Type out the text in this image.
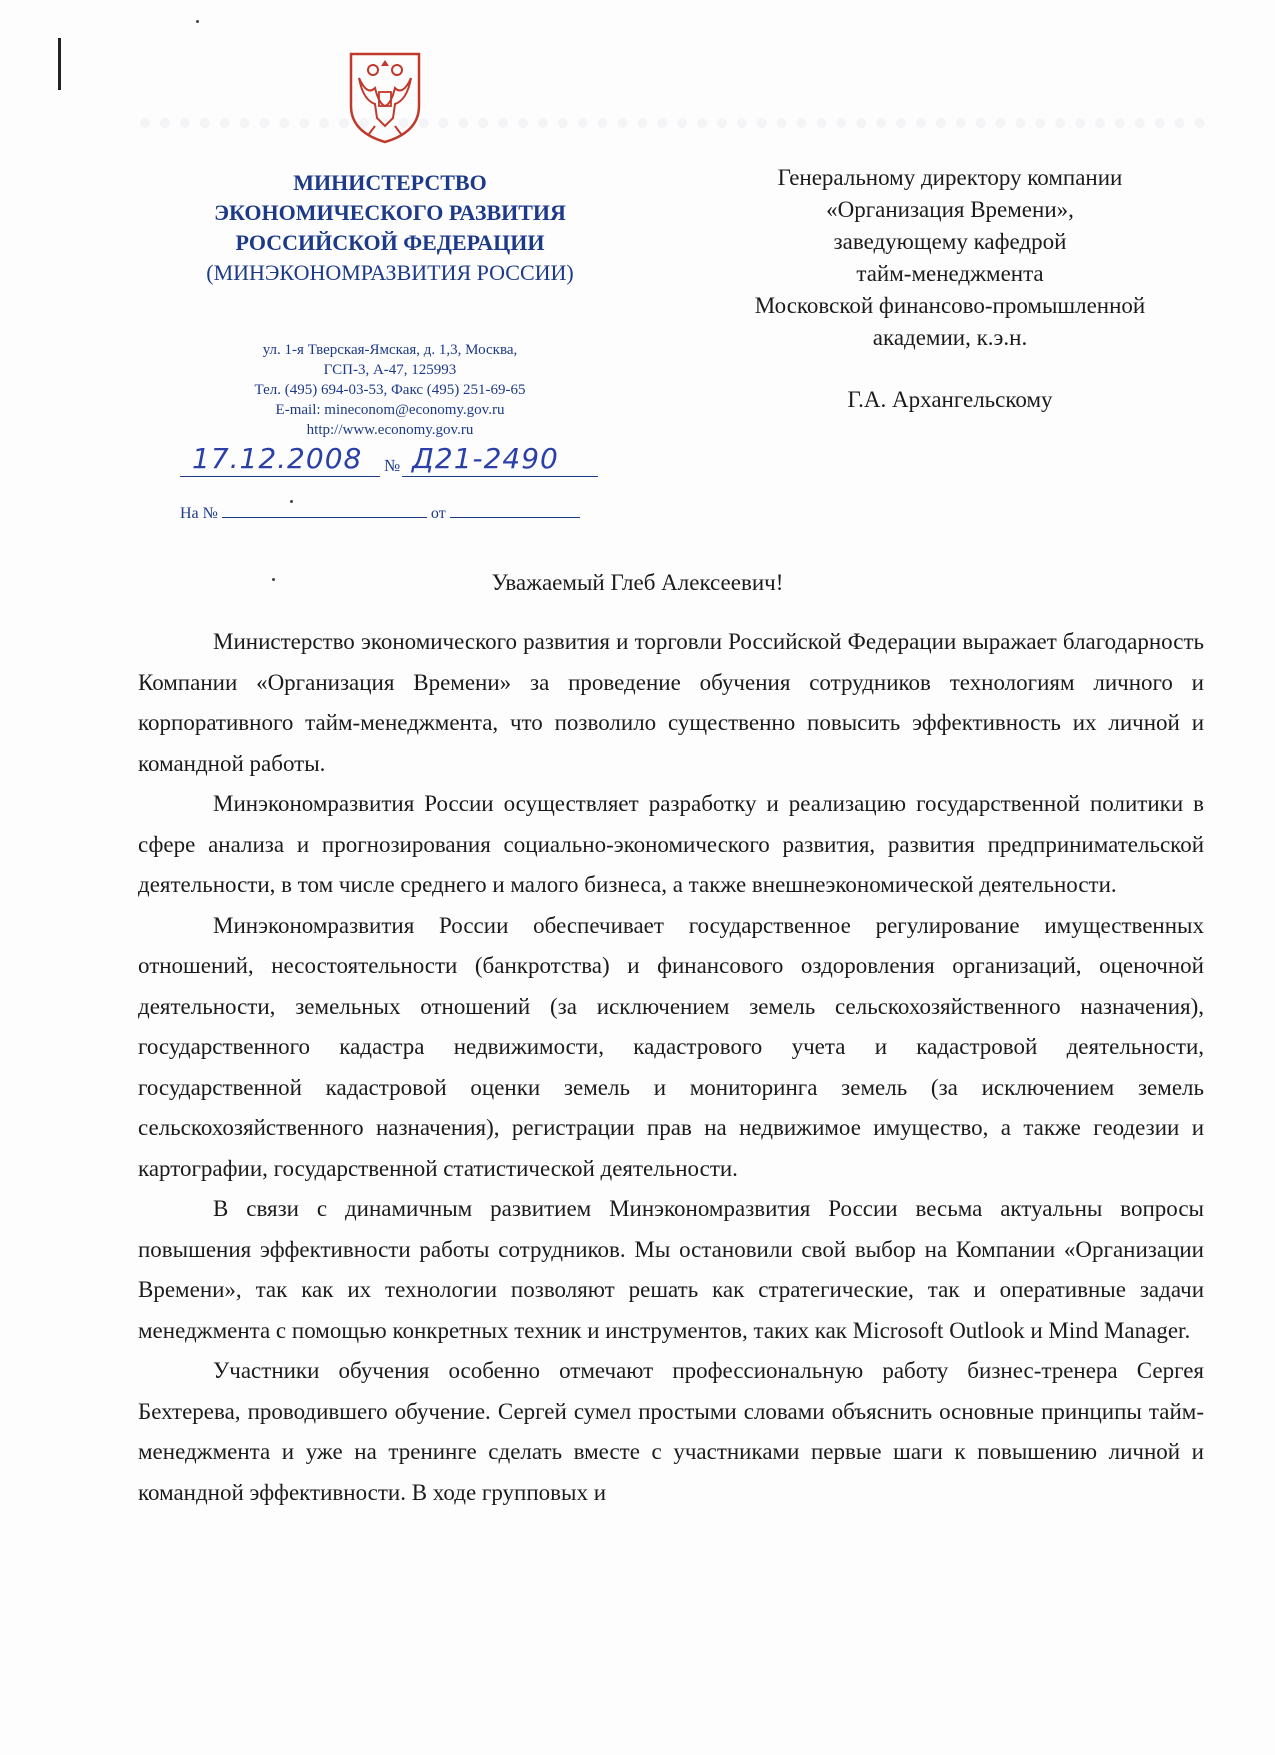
МИНИСТЕРСТВО
ЭКОНОМИЧЕСКОГО РАЗВИТИЯ
РОССИЙСКОЙ ФЕДЕРАЦИИ
(МИНЭКОНОМРАЗВИТИЯ РОССИИ)
ул. 1-я Тверская-Ямская, д. 1,3, Москва,
ГСП-3, А-47, 125993
Тел. (495) 694-03-53, Факс (495) 251-69-65
E-mail: mineconom@economy.gov.ru
http://www.economy.gov.ru
17.12.2008 № Д21-2490
На №	от
Генеральному директору компании
«Организация Времени»,
заведующему кафедрой
тайм-менеджмента
Московской финансово-промышленной
академии, к.э.н.
Г.А. Архангельскому
Уважаемый Глеб Алексеевич!

Министерство экономического развития и торговли Российской Федерации выражает благодарность Компании «Организация Времени» за проведение обучения сотрудников технологиям личного и корпоративного тайм-менеджмента, что позволило существенно повысить эффективность их личной и командной работы.

Минэкономразвития России осуществляет разработку и реализацию государственной политики в сфере анализа и прогнозирования социально-экономического развития, развития предпринимательской деятельности, в том числе среднего и малого бизнеса, а также внешнеэкономической деятельности.

Минэкономразвития России обеспечивает государственное регулирование имущественных отношений, несостоятельности (банкротства) и финансового оздоровления организаций, оценочной деятельности, земельных отношений (за исключением земель сельскохозяйственного назначения), государственного кадастра недвижимости, кадастрового учета и кадастровой деятельности, государственной кадастровой оценки земель и мониторинга земель (за исключением земель сельскохозяйственного назначения), регистрации прав на недвижимое имущество, а также геодезии и картографии, государственной статистической деятельности.

В связи с динамичным развитием Минэкономразвития России весьма актуальны вопросы повышения эффективности работы сотрудников. Мы остановили свой выбор на Компании «Организации Времени», так как их технологии позволяют решать как стратегические, так и оперативные задачи менеджмента с помощью конкретных техник и инструментов, таких как Microsoft Outlook и Mind Manager.

Участники обучения особенно отмечают профессиональную работу бизнес-тренера Сергея Бехтерева, проводившего обучение. Сергей сумел простыми словами объяснить основные принципы тайм-менеджмента и уже на тренинге сделать вместе с участниками первые шаги к повышению личной и командной эффективности. В ходе групповых и
